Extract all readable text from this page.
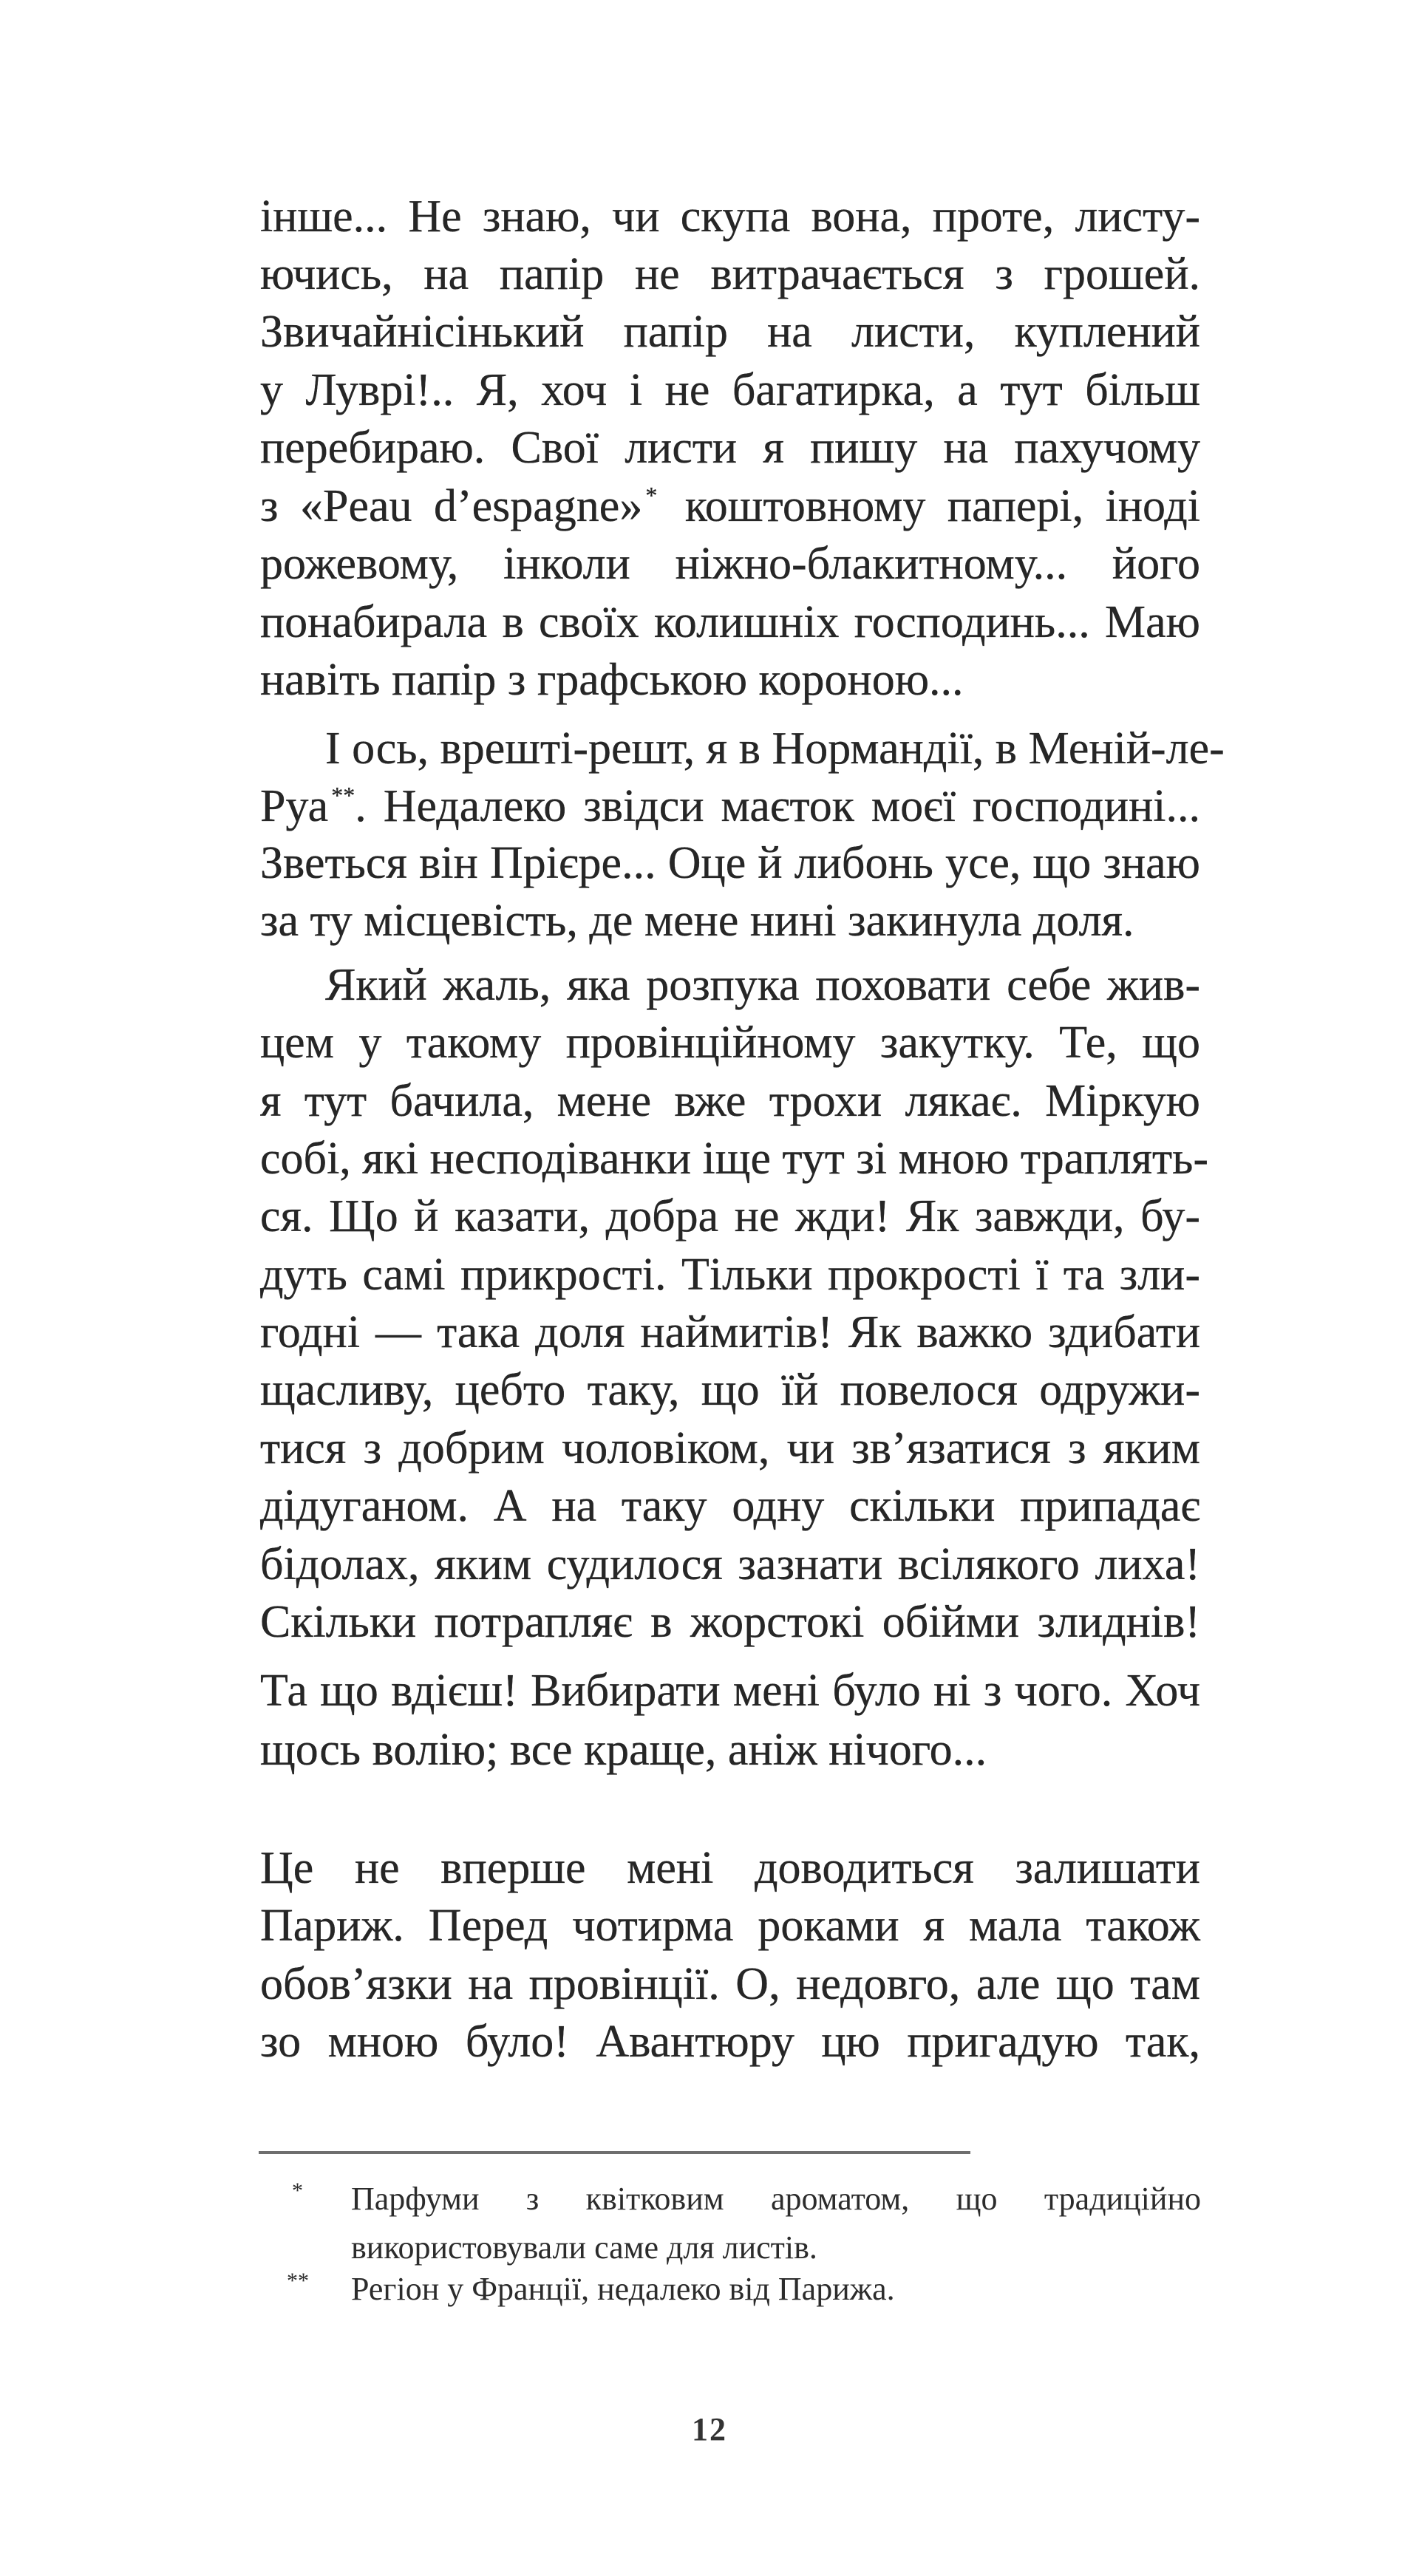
інше... Не знаю, чи скупа вона, проте, листу-
ючись, на папір не витрачається з грошей.
Звичайнісінький папір на листи, куплений
у Луврі!.. Я, хоч і не багатирка, а тут більш
перебираю. Свої листи я пишу на пахучому
з «Peau d’espagne» * коштовному папері, іноді
рожевому, інколи ніжно-блакитному... його
понабирала в своїх колишніх господинь... Маю
навіть папір з графською короною...
І ось, врешті-решт, я в Нормандії, в Меній-ле-
Руа **. Недалеко звідси маєток моєї господині...
Зветься він Прієре... Оце й либонь усе, що знаю
за ту місцевість, де мене нині закинула доля.
Який жаль, яка розпука поховати себе жив-
цем у такому провінційному закутку. Те, що
я тут бачила, мене вже трохи лякає. Міркую
собі, які несподіванки іще тут зі мною траплять-
ся. Що й казати, добра не жди! Як завжди, бу-
дуть самі прикрості. Тільки прокрості ї та зли-
годні — така доля наймитів! Як важко здибати
щасливу, цебто таку, що їй повелося одружи-
тися з добрим чоловіком, чи зв’язатися з яким
дідуганом. А на таку одну скільки припадає
бідолах, яким судилося зазнати всілякого лиха!
Скільки потрапляє в жорстокі обійми злиднів!
Та що вдієш! Вибирати мені було ні з чого. Хоч
щось волію; все краще, аніж нічого...
Це не вперше мені доводиться залишати
Париж. Перед чотирма роками я мала також
обов’язки на провінції. О, недовго, але що там
зо мною було! Авантюру цю пригадую так,
* Парфуми з квітковим ароматом, що традиційно
використовували саме для листів.
** Регіон у Франції, недалеко від Парижа.
12
